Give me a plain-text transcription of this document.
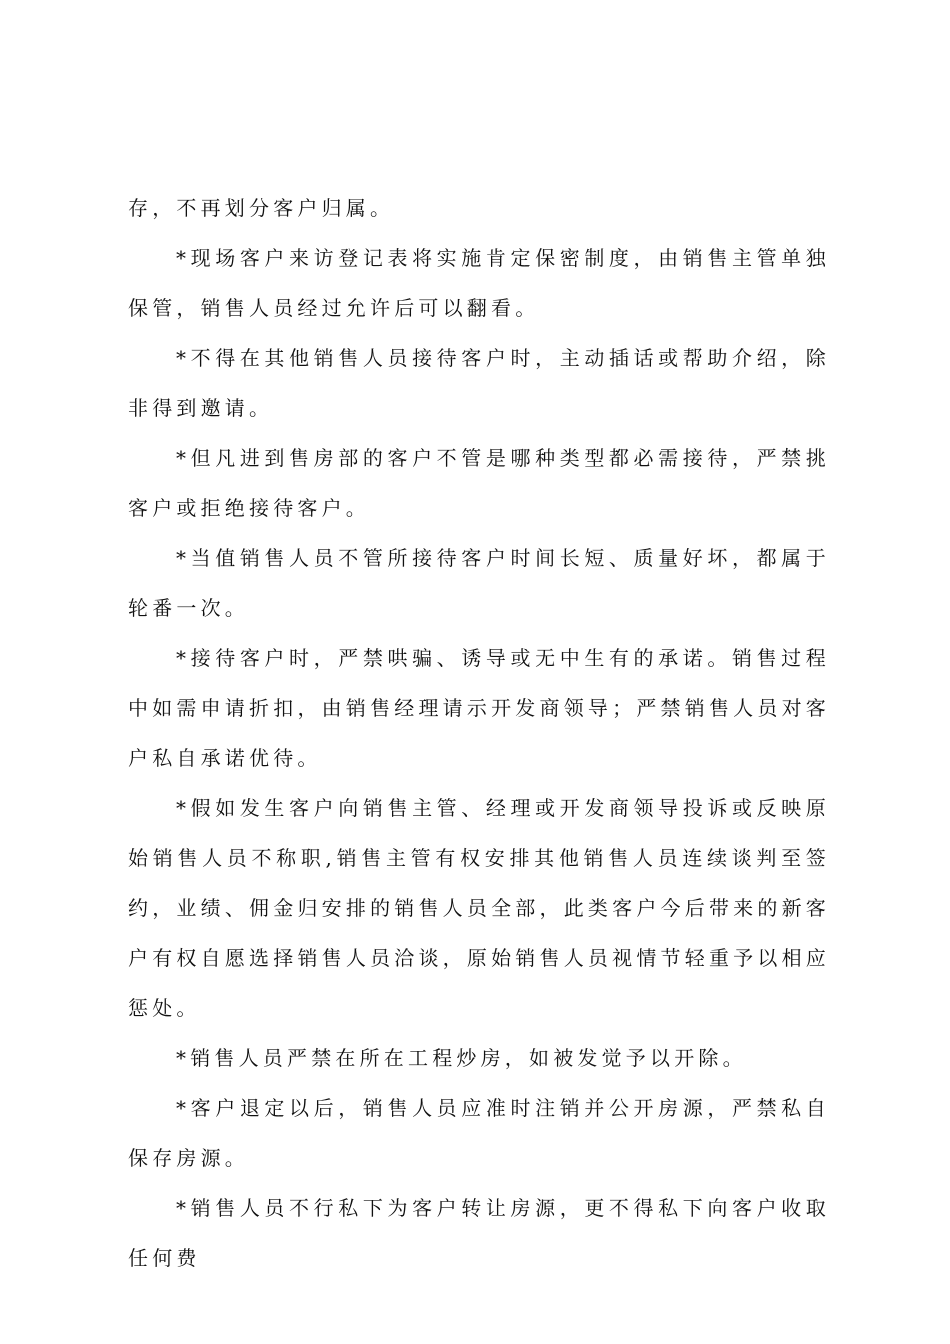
存，不再划分客户归属。

*现场客户来访登记表将实施肯定保密制度，由销售主管单独保管，销售人员经过允许后可以翻看。

*不得在其他销售人员接待客户时，主动插话或帮助介绍，除非得到邀请。

*但凡进到售房部的客户不管是哪种类型都必需接待，严禁挑客户或拒绝接待客户。

*当值销售人员不管所接待客户时间长短、质量好坏，都属于轮番一次。

*接待客户时，严禁哄骗、诱导或无中生有的承诺。销售过程中如需申请折扣，由销售经理请示开发商领导；严禁销售人员对客户私自承诺优待。

*假如发生客户向销售主管、经理或开发商领导投诉或反映原始销售人员不称职,销售主管有权安排其他销售人员连续谈判至签约，业绩、佣金归安排的销售人员全部，此类客户今后带来的新客户有权自愿选择销售人员洽谈，原始销售人员视情节轻重予以相应惩处。

*销售人员严禁在所在工程炒房，如被发觉予以开除。

*客户退定以后，销售人员应准时注销并公开房源，严禁私自保存房源。

*销售人员不行私下为客户转让房源，更不得私下向客户收取任何费
